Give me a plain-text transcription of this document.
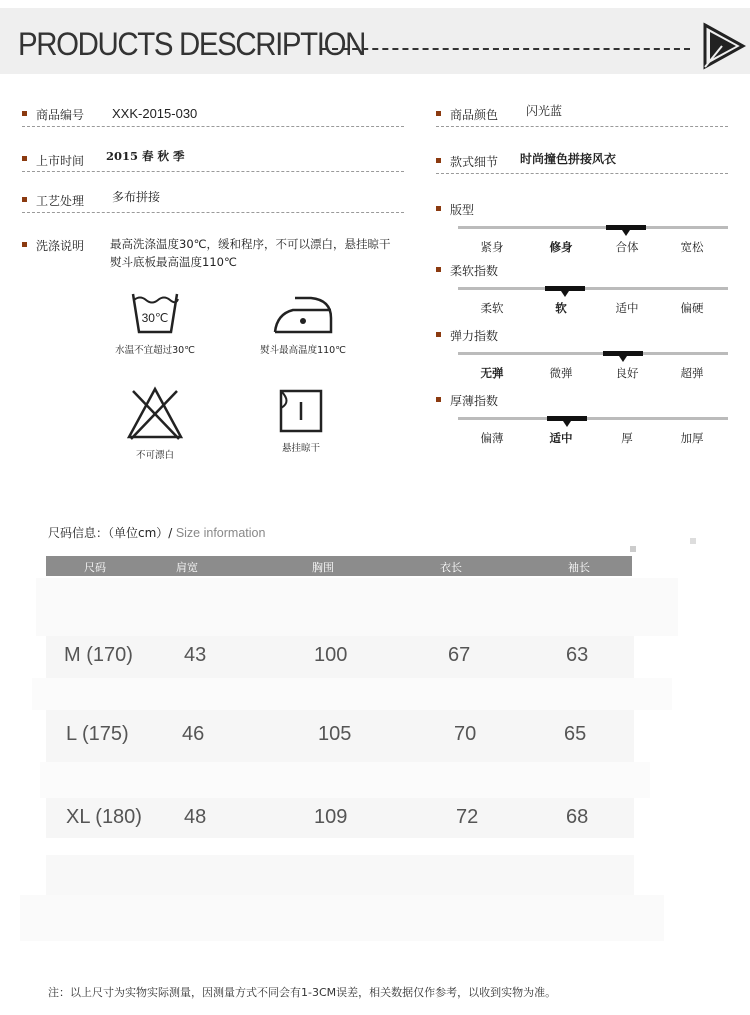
PRODUCTS DESCRIPTION
商品编号 XXK-2015-030
上市时间 2015 春 秋 季
工艺处理 多布拼接
洗涤说明 最高洗涤温度30℃，缓和程序，不可以漂白，悬挂晾干
熨斗底板最高温度110℃
30℃
水温不宜超过30℃	熨斗最高温度110℃
不可漂白
悬挂晾干
商品颜色 闪光蓝
款式细节 时尚撞色拼接风衣
版型
紧身	修身	合体	宽松
柔软指数
柔软	软	适中	偏硬
弹力指数
无弹	微弹	良好	超弹
厚薄指数
偏薄	适中	厚	加厚
尺码信息：（单位cm）/ Size information
尺码	肩宽	胸围	衣长	袖长
M (170)	43	100	67	63
L (175)	46	105	70	65
XL (180) 48	109	72	68
注：以上尺寸为实物实际测量，因测量方式不同会有1-3CM误差，相关数据仅作参考，以收到实物为准。
